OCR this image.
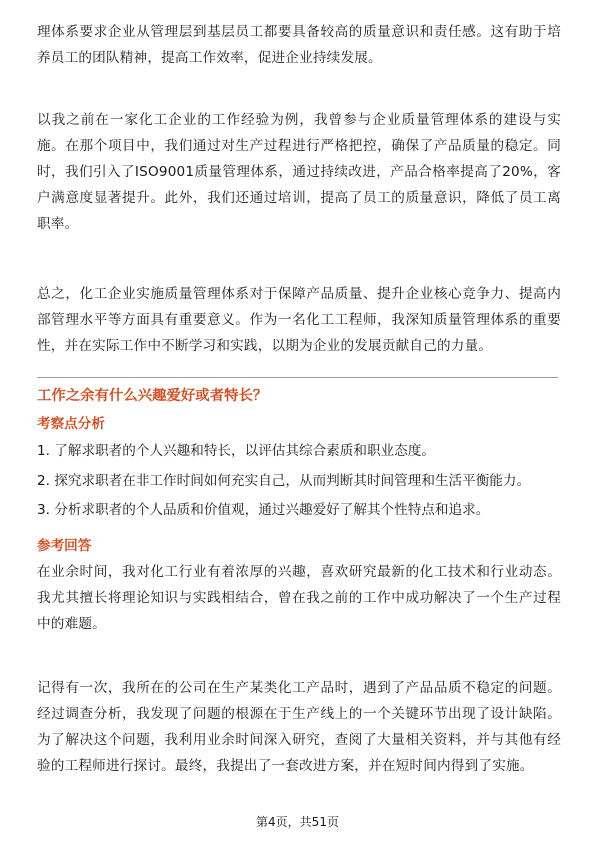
理体系要求企业从管理层到基层员工都要具备较高的质量意识和责任感。这有助于培养员工的团队精神，提高工作效率，促进企业持续发展。

以我之前在一家化工企业的工作经验为例，我曾参与企业质量管理体系的建设与实施。在那个项目中，我们通过对生产过程进行严格把控，确保了产品质量的稳定。同时，我们引入了ISO9001质量管理体系，通过持续改进，产品合格率提高了20%，客户满意度显著提升。此外，我们还通过培训，提高了员工的质量意识，降低了员工离职率。

总之，化工企业实施质量管理体系对于保障产品质量、提升企业核心竞争力、提高内部管理水平等方面具有重要意义。作为一名化工工程师，我深知质量管理体系的重要性，并在实际工作中不断学习和实践，以期为企业的发展贡献自己的力量。

工作之余有什么兴趣爱好或者特长？

考察点分析

1. 了解求职者的个人兴趣和特长，以评估其综合素质和职业态度。

2. 探究求职者在非工作时间如何充实自己，从而判断其时间管理和生活平衡能力。

3. 分析求职者的个人品质和价值观，通过兴趣爱好了解其个性特点和追求。

参考回答

在业余时间，我对化工行业有着浓厚的兴趣，喜欢研究最新的化工技术和行业动态。我尤其擅长将理论知识与实践相结合，曾在我之前的工作中成功解决了一个生产过程中的难题。

记得有一次，我所在的公司在生产某类化工产品时，遇到了产品品质不稳定的问题。经过调查分析，我发现了问题的根源在于生产线上的一个关键环节出现了设计缺陷。为了解决这个问题，我利用业余时间深入研究，查阅了大量相关资料，并与其他有经验的工程师进行探讨。最终，我提出了一套改进方案，并在短时间内得到了实施。

第4页，共51页
